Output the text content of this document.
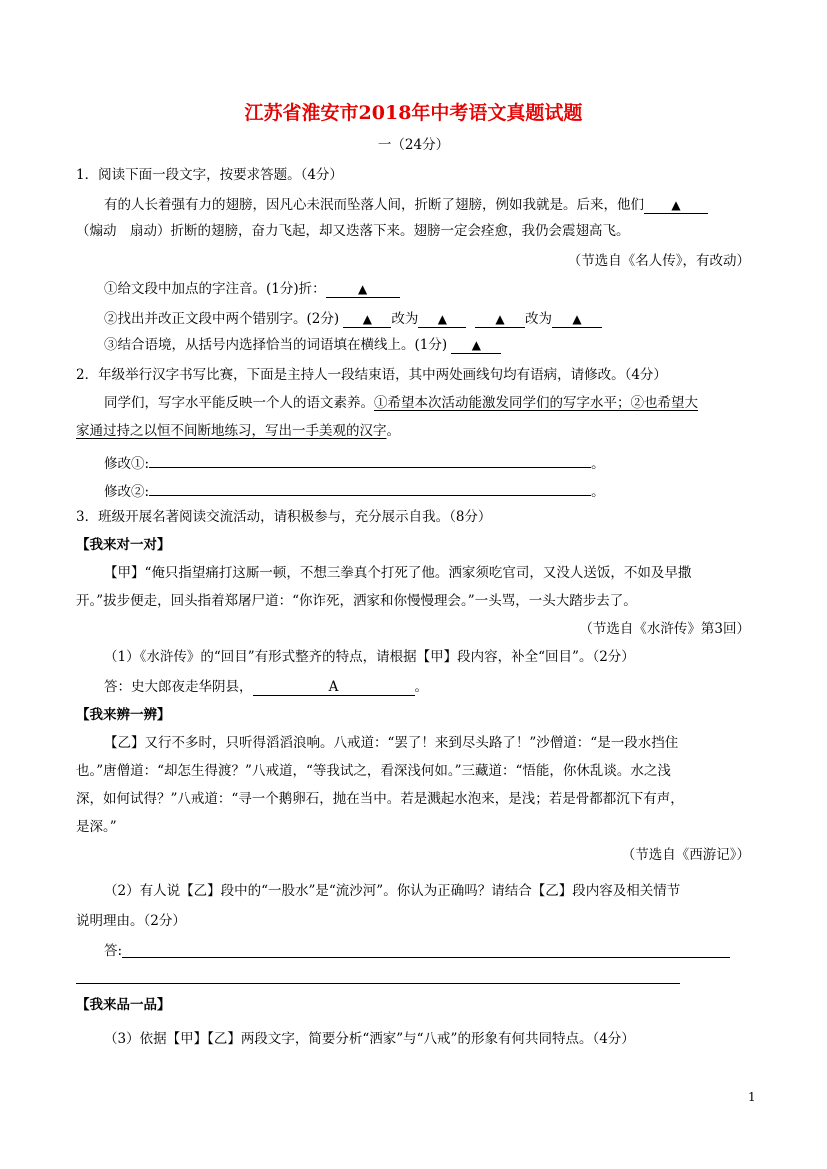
江苏省淮安市2018年中考语文真题试题
一（24分）
1．阅读下面一段文字，按要求答题。（4分）
有的人长着强有力的翅膀，因凡心未泯而坠落人间，折断了翅膀，例如我就是。后来，他们 ▲
（煽动　扇动）折断的翅膀，奋力飞起，却又迭落下来。翅膀一定会痊愈，我仍会震翅高飞。
（节选自《名人传》，有改动）
①给文段中加点的字注音。(1分)折：	▲
②找出并改正文段中两个错别字。(2分) ▲ 改为 ▲	▲ 改为 ▲
③结合语境，从括号内选择恰当的词语填在横线上。(1分) ▲
2．年级举行汉字书写比赛，下面是主持人一段结束语，其中两处画线句均有语病，请修改。（4分）
同学们，写字水平能反映一个人的语文素养。①希望本次活动能激发同学们的写字水平；②也希望大
家通过持之以恒不间断地练习，写出一手美观的汉字。
修改①:	。
修改②:	。
3．班级开展名著阅读交流活动，请积极参与，充分展示自我。（8分）
【我来对一对】
【甲】“俺只指望痛打这厮一顿，不想三拳真个打死了他。洒家须吃官司，又没人送饭，不如及早撒
开。”拔步便走，回头指着郑屠尸道：“你诈死，洒家和你慢慢理会。”一头骂，一头大踏步去了。
（节选自《水浒传》第3回）
（1）《水浒传》的“回目”有形式整齐的特点，请根据【甲】段内容，补全“回目”。（2分）
答：史大郎夜走华阴县，	A	。
【我来辨一辨】
【乙】又行不多时，只听得滔滔浪响。八戒道：“罢了！来到尽头路了！”沙僧道：“是一段水挡住
也。”唐僧道：“却怎生得渡？”八戒道，“等我试之，看深浅何如。”三藏道：“悟能，你休乱谈。水之浅
深，如何试得？”八戒道：“寻一个鹅卵石，抛在当中。若是溅起水泡来，是浅；若是骨都都沉下有声，
是深。”
（节选自《西游记》）
（2）有人说【乙】段中的“一股水”是“流沙河”。你认为正确吗？请结合【乙】段内容及相关情节
说明理由。（2分）
答:
【我来品一品】
（3）依据【甲】【乙】两段文字，简要分析“洒家”与“八戒”的形象有何共同特点。（4分）
1
